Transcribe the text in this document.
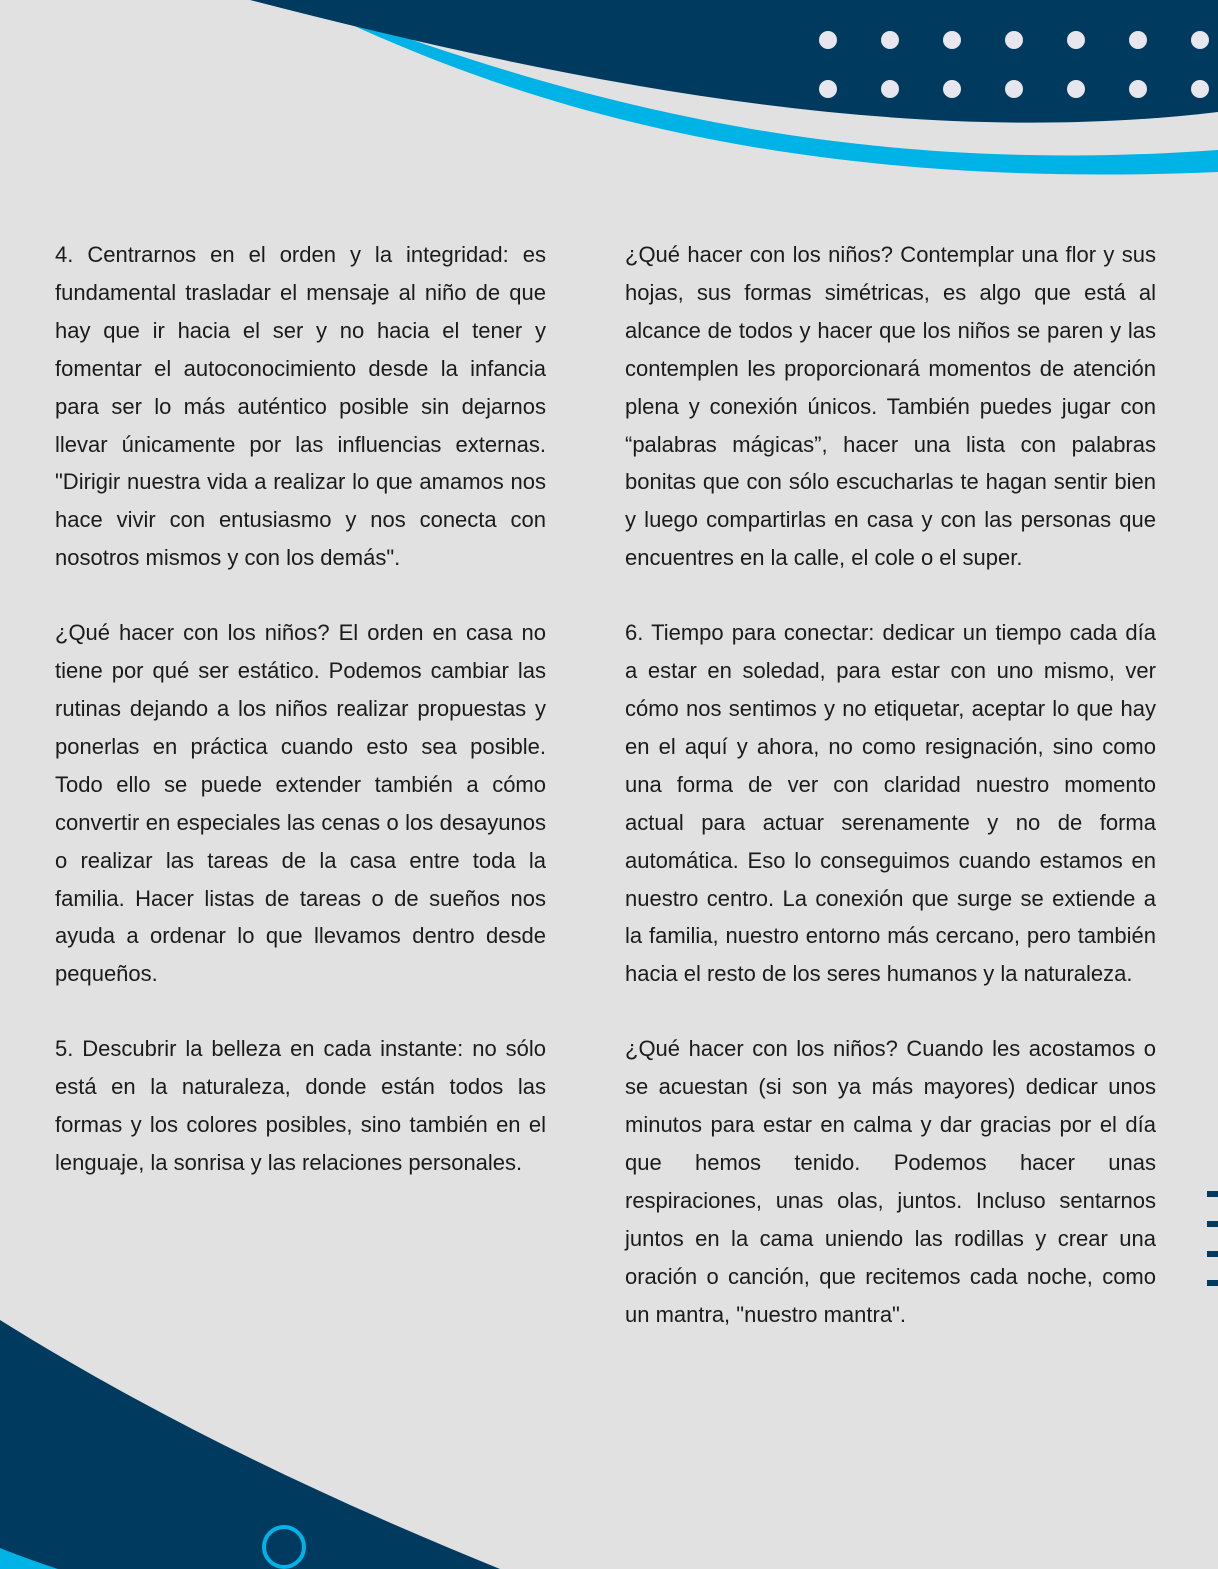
4. Centrarnos en el orden y la integridad: es fundamental trasladar el mensaje al niño de que hay que ir hacia el ser y no hacia el tener y fomentar el autoconocimiento desde la infancia para ser lo más auténtico posible sin dejarnos llevar únicamente por las influencias externas. "Dirigir nuestra vida a realizar lo que amamos nos hace vivir con entusiasmo y nos conecta con nosotros mismos y con los demás".

¿Qué hacer con los niños? El orden en casa no tiene por qué ser estático. Podemos cambiar las rutinas dejando a los niños realizar propuestas y ponerlas en práctica cuando esto sea posible. Todo ello se puede extender también a cómo convertir en especiales las cenas o los desayunos o realizar las tareas de la casa entre toda la familia. Hacer listas de tareas o de sueños nos ayuda a ordenar lo que llevamos dentro desde pequeños.

5. Descubrir la belleza en cada instante: no sólo está en la naturaleza, donde están todos las formas y los colores posibles, sino también en el lenguaje, la sonrisa y las relaciones personales.

¿Qué hacer con los niños? Contemplar una flor y sus hojas, sus formas simétricas, es algo que está al alcance de todos y hacer que los niños se paren y las contemplen les proporcionará momentos de atención plena y conexión únicos. También puedes jugar con “palabras mágicas”, hacer una lista con palabras bonitas que con sólo escucharlas te hagan sentir bien y luego compartirlas en casa y con las personas que encuentres en la calle, el cole o el super.

6. Tiempo para conectar: dedicar un tiempo cada día a estar en soledad, para estar con uno mismo, ver cómo nos sentimos y no etiquetar, aceptar lo que hay en el aquí y ahora, no como resignación, sino como una forma de ver con claridad nuestro momento actual para actuar serenamente y no de forma automática. Eso lo conseguimos cuando estamos en nuestro centro. La conexión que surge se extiende a la familia, nuestro entorno más cercano, pero también hacia el resto de los seres humanos y la naturaleza.

¿Qué hacer con los niños? Cuando les acostamos o se acuestan (si son ya más mayores) dedicar unos minutos para estar en calma y dar gracias por el día que hemos tenido. Podemos hacer unas respiraciones, unas olas, juntos. Incluso sentarnos juntos en la cama uniendo las rodillas y crear una oración o canción, que recitemos cada noche, como un mantra, "nuestro mantra".
